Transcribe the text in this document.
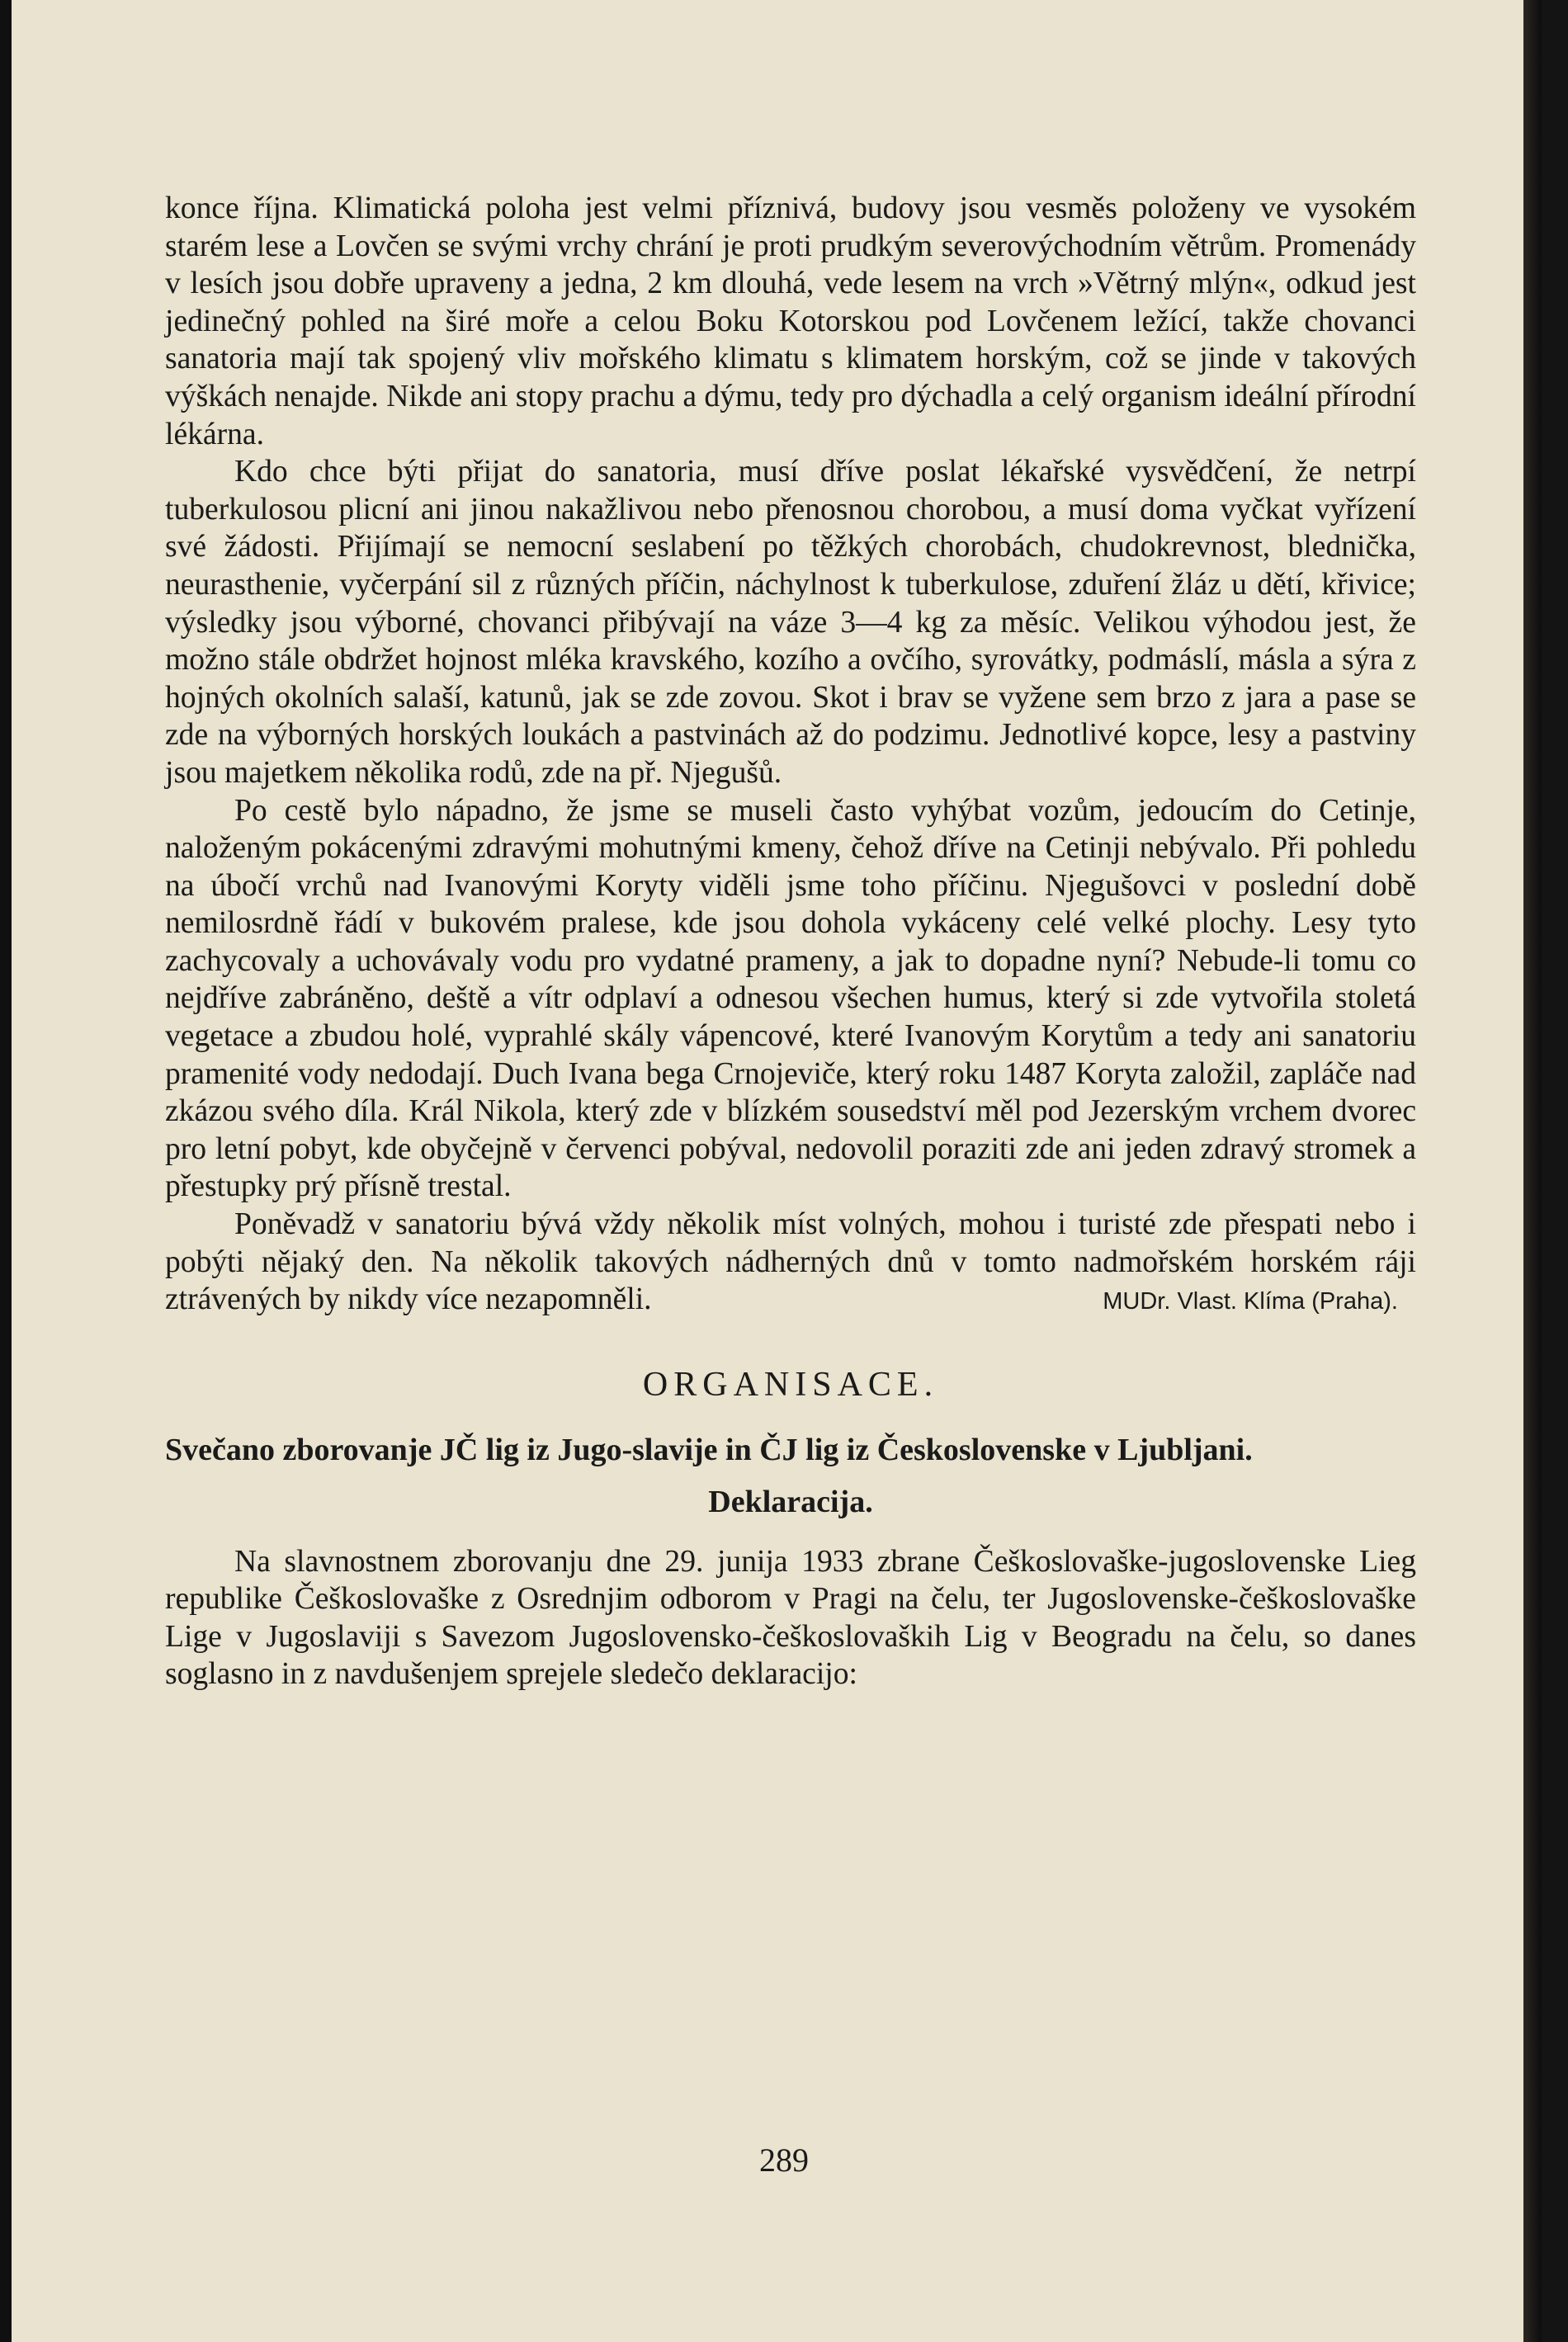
konce října. Klimatická poloha jest velmi příznivá, budovy jsou vesměs položeny ve vysokém starém lese a Lovčen se svými vrchy chrání je proti prudkým severovýchodním větrům. Promenády v lesích jsou dobře upraveny a jedna, 2 km dlouhá, vede lesem na vrch »Větrný mlýn«, odkud jest jedinečný pohled na širé moře a celou Boku Kotorskou pod Lovčenem ležící, takže chovanci sanatoria mají tak spojený vliv mořského klimatu s klimatem horským, což se jinde v takových výškách nenajde. Nikde ani stopy prachu a dýmu, tedy pro dýchadla a celý organism ideální přírodní lékárna.

Kdo chce býti přijat do sanatoria, musí dříve poslat lékařské vysvědčení, že netrpí tuberkulosou plicní ani jinou nakažlivou nebo přenosnou chorobou, a musí doma vyčkat vyřízení své žádosti. Přijímají se nemocní seslabení po těžkých chorobách, chudokrevnost, blednička, neurasthenie, vyčerpání sil z různých příčin, náchylnost k tuberkulose, zduření žláz u dětí, křivice; výsledky jsou výborné, chovanci přibývají na váze 3—4 kg za měsíc. Velikou výhodou jest, že možno stále obdržet hojnost mléka kravského, kozího a ovčího, syrovátky, podmáslí, másla a sýra z hojných okolních salaší, katunů, jak se zde zovou. Skot i brav se vyžene sem brzo z jara a pase se zde na výborných horských loukách a pastvinách až do podzimu. Jednotlivé kopce, lesy a pastviny jsou majetkem několika rodů, zde na př. Njegušů.

Po cestě bylo nápadno, že jsme se museli často vyhýbat vozům, jedoucím do Cetinje, naloženým pokácenými zdravými mohutnými kmeny, čehož dříve na Cetinji nebývalo. Při pohledu na úbočí vrchů nad Ivanovými Koryty viděli jsme toho příčinu. Njegušovci v poslední době nemilosrdně řádí v bukovém pralese, kde jsou dohola vykáceny celé velké plochy. Lesy tyto zachycovaly a uchovávaly vodu pro vydatné prameny, a jak to dopadne nyní? Nebude-li tomu co nejdříve zabráněno, deště a vítr odplaví a odnesou všechen humus, který si zde vytvořila stoletá vegetace a zbudou holé, vyprahlé skály vápencové, které Ivanovým Korytům a tedy ani sanatoriu pramenité vody nedodají. Duch Ivana bega Crnojeviče, který roku 1487 Koryta založil, zapláče nad zkázou svého díla. Král Nikola, který zde v blízkém sousedství měl pod Jezerským vrchem dvorec pro letní pobyt, kde obyčejně v červenci pobýval, nedovolil poraziti zde ani jeden zdravý stromek a přestupky prý přísně trestal.

Poněvadž v sanatoriu bývá vždy několik míst volných, mohou i turisté zde přespati nebo i pobýti nějaký den. Na několik takových nádherných dnů v tomto nadmořském horském ráji ztrávených by nikdy více nezapomněli.	MUDr. Vlast. Klíma (Praha).
ORGANISACE.
Svečano zborovanje JČ lig iz Jugo-slavije in ČJ lig iz Československe v Ljubljani.
Deklaracija.

Na slavnostnem zborovanju dne 29. junija 1933 zbrane Češkoslovaške-jugoslovenske Lieg republike Češkoslovaške z Osrednjim odborom v Pragi na čelu, ter Jugoslovenske-češkoslovaške Lige v Jugoslaviji s Savezom Jugoslovensko-češkoslovaških Lig v Beogradu na čelu, so danes soglasno in z navdušenjem sprejele sledečo deklaracijo:

289
